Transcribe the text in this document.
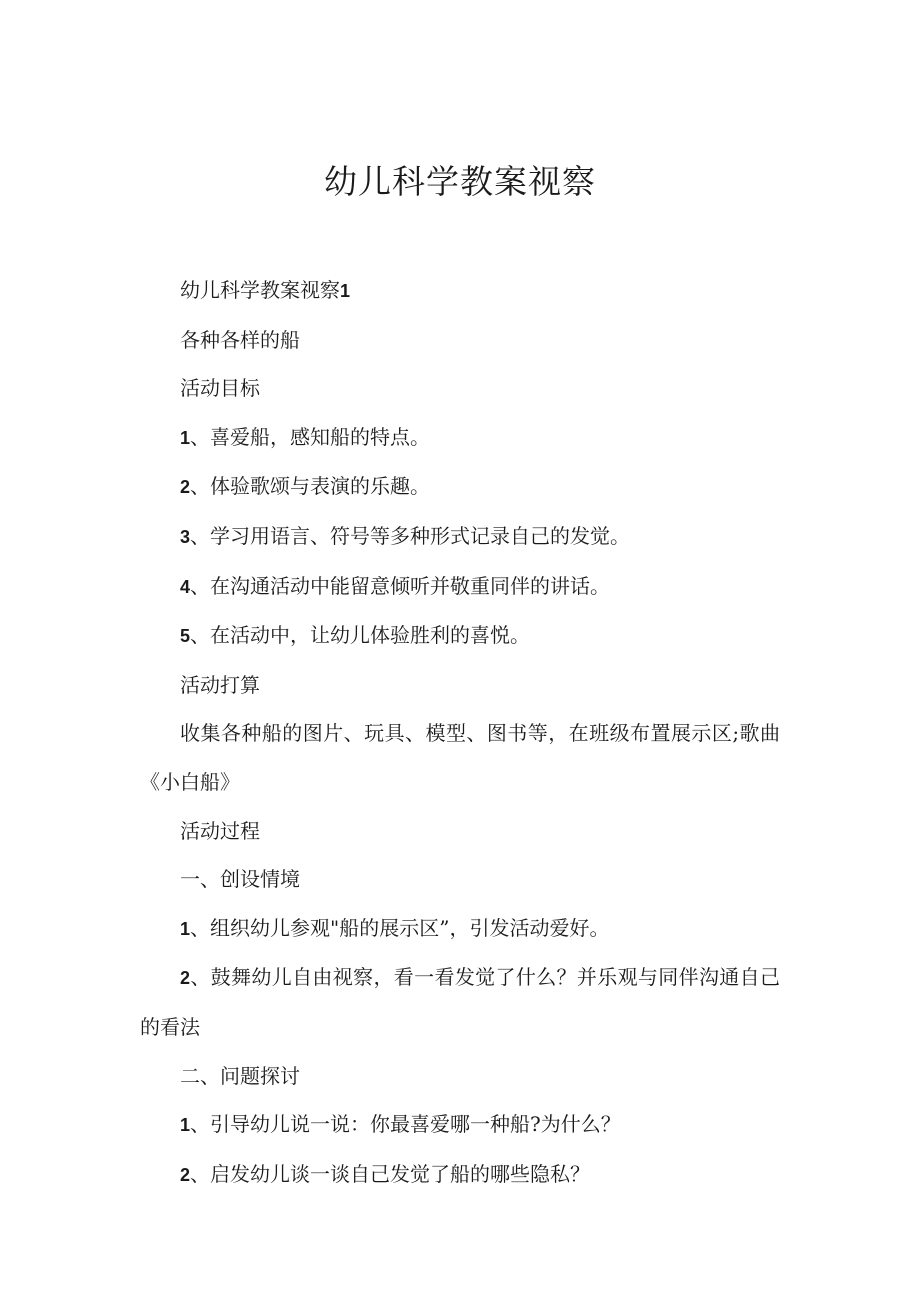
幼儿科学教案视察

幼儿科学教案视察1

各种各样的船

活动目标

1、喜爱船，感知船的特点。

2、体验歌颂与表演的乐趣。

3、学习用语言、符号等多种形式记录自己的发觉。

4、在沟通活动中能留意倾听并敬重同伴的讲话。

5、在活动中，让幼儿体验胜利的喜悦。

活动打算

收集各种船的图片、玩具、模型、图书等，在班级布置展示区;歌曲《小白船》

活动过程

一、创设情境

1、组织幼儿参观"船的展示区”，引发活动爱好。

2、鼓舞幼儿自由视察，看一看发觉了什么？并乐观与同伴沟通自己的看法

二、问题探讨

1、引导幼儿说一说：你最喜爱哪一种船?为什么？

2、启发幼儿谈一谈自己发觉了船的哪些隐私？
